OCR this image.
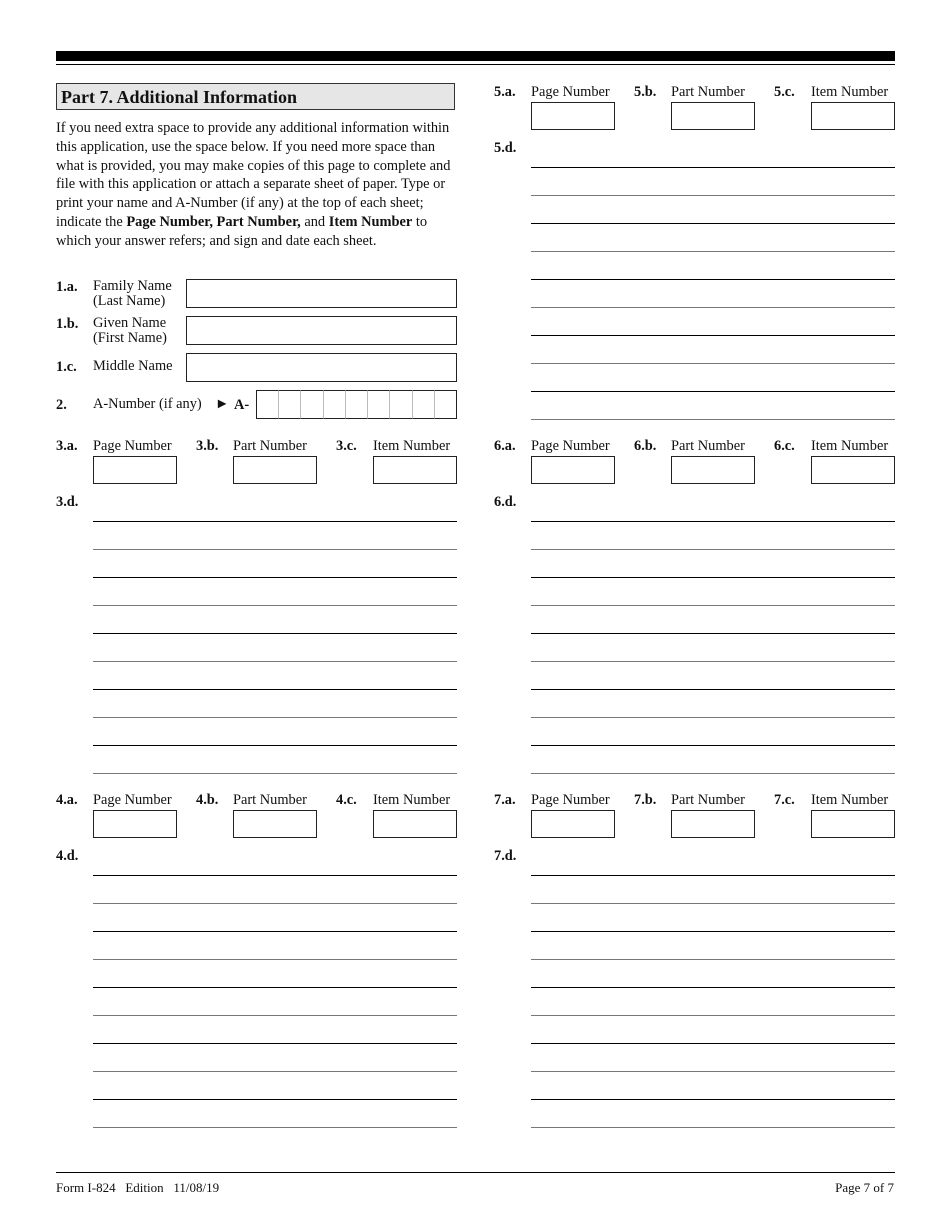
Part 7. Additional Information
If you need extra space to provide any additional information within this application, use the space below. If you need more space than what is provided, you may make copies of this page to complete and file with this application or attach a separate sheet of paper. Type or print your name and A-Number (if any) at the top of each sheet; indicate the Page Number, Part Number, and Item Number to which your answer refers; and sign and date each sheet.
1.a. Family Name
(Last Name)
1.b. Given Name
(First Name)
1.c. Middle Name
2. A-Number (if any) ► A-
3.a. Page Number 3.b. Part Number 3.c. Item Number
3.d.
4.a. Page Number 4.b. Part Number 4.c. Item Number
4.d.
5.a. Page Number 5.b. Part Number 5.c. Item Number
5.d.
6.a. Page Number 6.b. Part Number 6.c. Item Number
6.d.
7.a. Page Number 7.b. Part Number 7.c. Item Number
7.d.
Form I-824 Edition 11/08/19	Page 7 of 7
